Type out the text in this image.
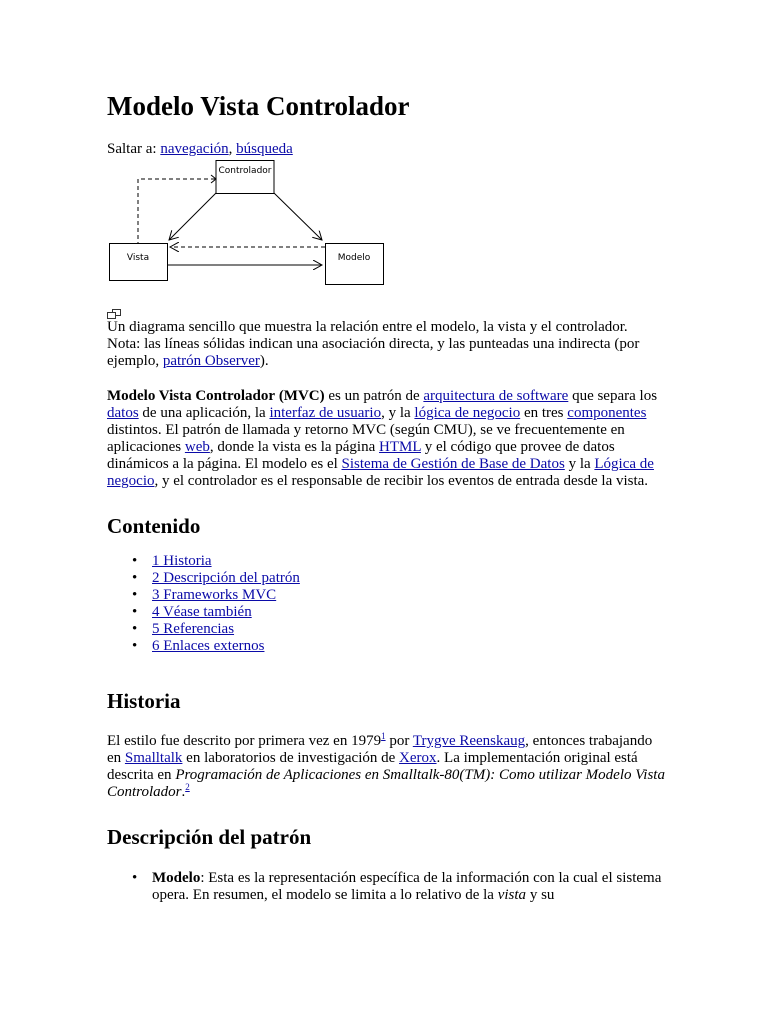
Modelo Vista Controlador

Saltar a: navegación, búsqueda

Controlador
Vista	Modelo

Un diagrama sencillo que muestra la relación entre el modelo, la vista y el controlador.
Nota: las líneas sólidas indican una asociación directa, y las punteadas una indirecta (por ejemplo, patrón Observer).

Modelo Vista Controlador (MVC) es un patrón de arquitectura de software que separa los datos de una aplicación, la interfaz de usuario, y la lógica de negocio en tres componentes distintos. El patrón de llamada y retorno MVC (según CMU), se ve frecuentemente en aplicaciones web, donde la vista es la página HTML y el código que provee de datos dinámicos a la página. El modelo es el Sistema de Gestión de Base de Datos y la Lógica de negocio, y el controlador es el responsable de recibir los eventos de entrada desde la vista.

Contenido
• 1 Historia
• 2 Descripción del patrón
• 3 Frameworks MVC
• 4 Véase también
• 5 Referencias
• 6 Enlaces externos
Historia

El estilo fue descrito por primera vez en 1979$^1$ por Trygve Reenskaug, entonces trabajando en Smalltalk en laboratorios de investigación de Xerox. La implementación original está descrita en Programación de Aplicaciones en Smalltalk-80(TM): Como utilizar Modelo Vista Controlador.$^2$

Descripción del patrón
• Modelo: Esta es la representación específica de la información con la cual el sistema opera. En resumen, el modelo se limita a lo relativo de la vista y su
